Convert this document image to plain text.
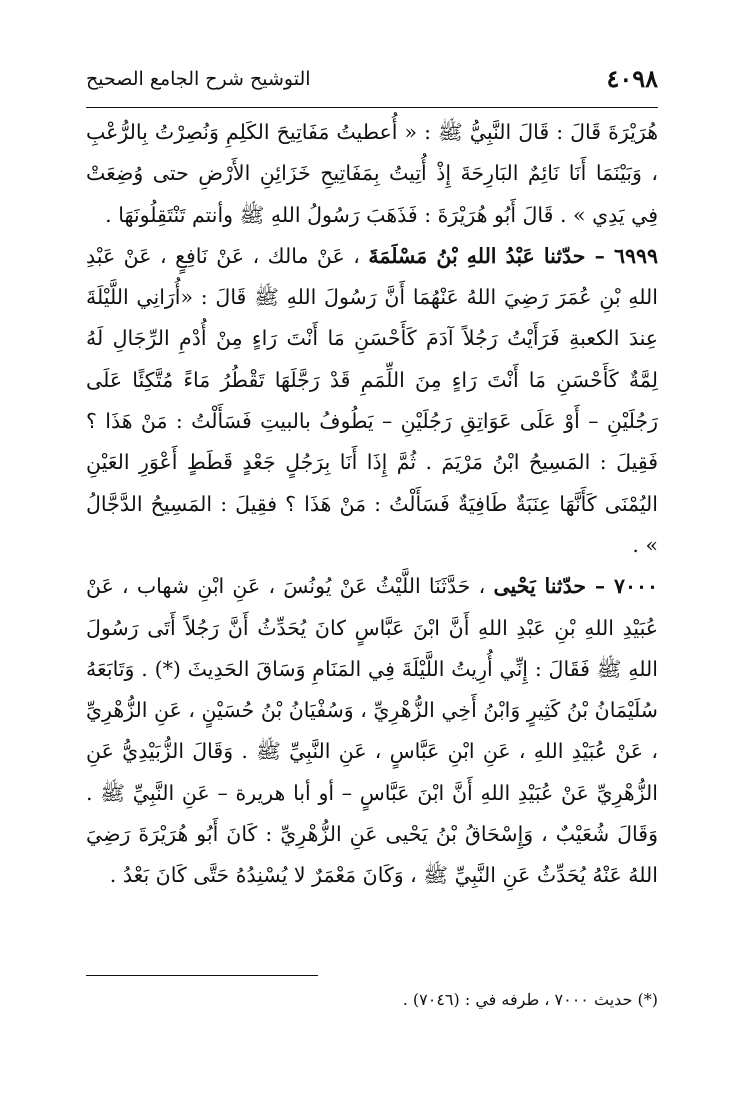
٤٠٩٨
التوشيح شرح الجامع الصحيح

هُرَيْرَةَ قَالَ : قَالَ النَّبِيُّ ﷺ : « أُعطيتُ مَفَاتِيحَ الكَلِمِ وَنُصِرْتُ بِالرُّعْبِ ، وَبَيْنَمَا أَنَا نَائِمٌ البَارِحَةَ إِذْ أُتِيتُ بِمَفَاتِيحِ خَزَائِنِ الأَرْضِ حتى وُضِعَتْ فِي يَدِي » . قَالَ أَبُو هُرَيْرَةَ : فَذَهَبَ رَسُولُ اللهِ ﷺ وأنتم تَنْتَقِلُونَهَا .

٦٩٩٩ – حدّثنا عَبْدُ اللهِ بْنُ مَسْلَمَةَ ، عَنْ مالك ، عَنْ نَافِعٍ ، عَنْ عَبْدِ اللهِ بْنِ عُمَرَ رَضِيَ اللهُ عَنْهُمَا أَنَّ رَسُولَ اللهِ ﷺ قَالَ : «أُرَانِي اللَّيْلَةَ عِندَ الكعبةِ فَرَأَيْتُ رَجُلاً آدَمَ كَأَحْسَنِ مَا أَنْتَ رَاءٍ مِنْ أُدْمِ الرِّجَالِ لَهُ لِمَّةٌ كَأَحْسَنِ مَا أَنْتَ رَاءٍ مِنَ اللِّمَمِ قَدْ رَجَّلَهَا تَقْطُرُ مَاءً مُتَّكِئًا عَلَى رَجُلَيْنِ – أَوْ عَلَى عَوَاتِقِ رَجُلَيْنِ – يَطُوفُ بالبيتِ فَسَأَلْتُ : مَنْ هَذَا ؟ فَقِيلَ : المَسِيحُ ابْنُ مَرْيَمَ . ثُمَّ إِذَا أَنَا بِرَجُلٍ جَعْدٍ قَطَطٍ أَعْوَرِ العَيْنِ اليُمْنَى كَأَنَّهَا عِنَبَةٌ طَافِيَةٌ فَسَأَلْتُ : مَنْ هَذَا ؟ فقِيلَ : المَسِيحُ الدَّجَّالُ » .

٧٠٠٠ – حدّثنا يَحْيى ، حَدَّثَنَا اللَّيْثُ عَنْ يُونُسَ ، عَنِ ابْنِ شهاب ، عَنْ عُبَيْدِ اللهِ بْنِ عَبْدِ اللهِ أَنَّ ابْنَ عَبَّاسٍ كانَ يُحَدِّثُ أَنَّ رَجُلاً أَتَى رَسُولَ اللهِ ﷺ فَقَالَ : إِنِّي أُرِيتُ اللَّيْلَةَ فِي المَنَامِ وَسَاقَ الحَدِيثَ (*) . وَتَابَعَهُ سُلَيْمَانُ بْنُ كَثِيرٍ وَابْنُ أَخِي الزُّهْرِيِّ ، وَسُفْيَانُ بْنُ حُسَيْنٍ ، عَنِ الزُّهْرِيِّ ، عَنْ عُبَيْدِ اللهِ ، عَنِ ابْنِ عَبَّاسٍ ، عَنِ النَّبِيِّ ﷺ . وَقَالَ الزُّبَيْدِيُّ عَنِ الزُّهْرِيِّ عَنْ عُبَيْدِ اللهِ أَنَّ ابْنَ عَبَّاسٍ – أو أبا هريرة – عَنِ النَّبِيِّ ﷺ . وَقَالَ شُعَيْبٌ ، وَإِسْحَاقُ بْنُ يَحْيى عَنِ الزُّهْرِيِّ : كَانَ أَبُو هُرَيْرَةَ رَضِيَ اللهُ عَنْهُ يُحَدِّثُ عَنِ النَّبِيِّ ﷺ ، وَكَانَ مَعْمَرٌ لا يُسْنِدُهُ حَتَّى كَانَ بَعْدُ .

(*) حديث ٧٠٠٠ ، طرفه في : (٧٠٤٦) .
